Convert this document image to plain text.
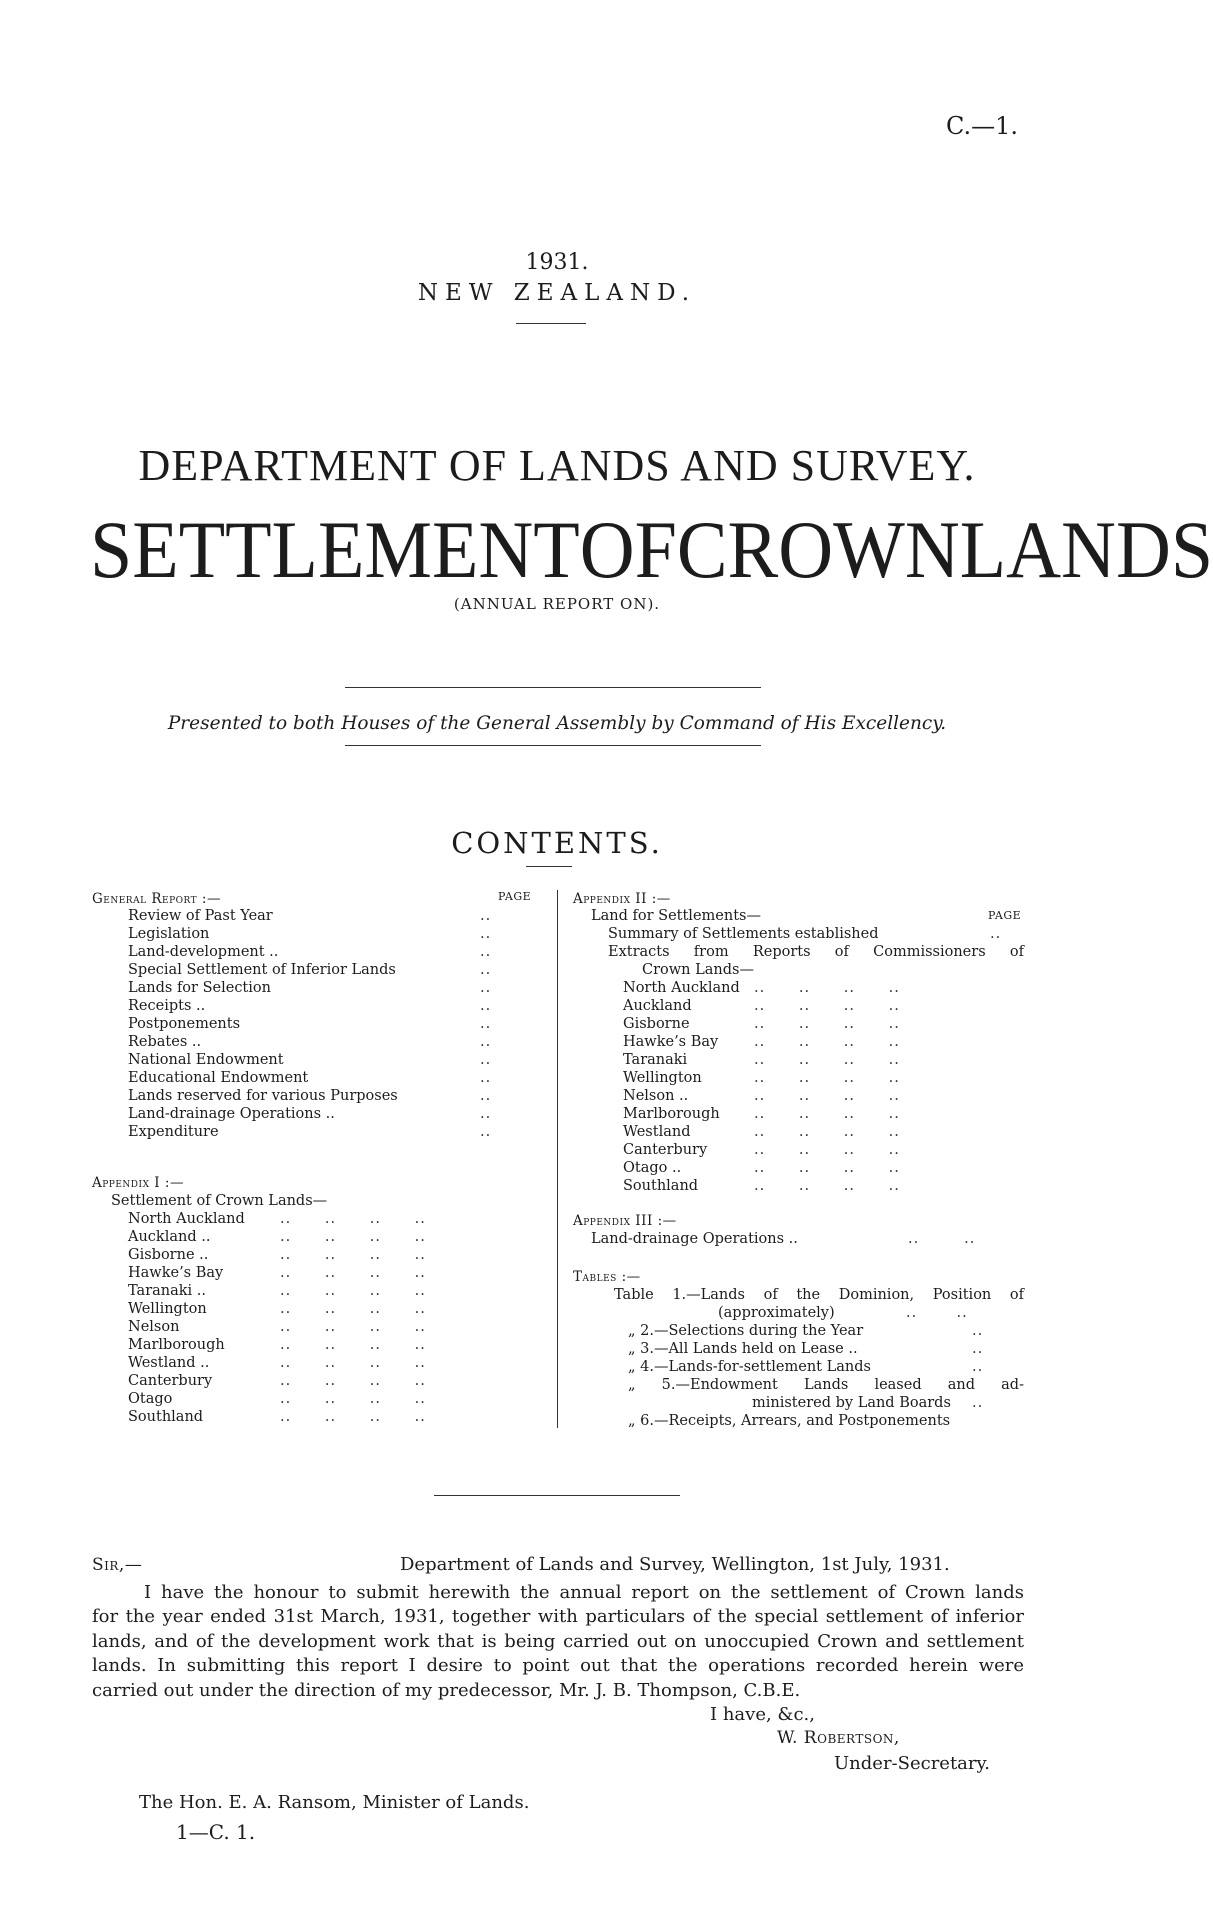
C.—1.
1931.
NEW ZEALAND.
DEPARTMENT OF LANDS AND SURVEY.
SETTLEMENT OF CROWN LANDS
(ANNUAL REPORT ON).
Presented to both Houses of the General Assembly by Command of His Excellency.
CONTENTS.
General Report :—	PAGE
Review of Past Year	..
Legislation	..
Land-development ..	..
Special Settlement of Inferior Lands	..
Lands for Selection	..
Receipts ..	..
Postponements	..
Rebates ..	..
National Endowment	..
Educational Endowment	..
Lands reserved for various Purposes	..
Land-drainage Operations ..	..
Expenditure	..
Appendix I :—
Settlement of Crown Lands—
North Auckland ..      ..      ..      ..
Auckland ..	..      ..      ..      ..
Gisborne ..	..      ..      ..      ..
Hawke’s Bay	..      ..      ..      ..
Taranaki ..	..      ..      ..      ..
Wellington	..      ..      ..      ..
Nelson	..      ..      ..      ..
Marlborough	..      ..      ..      ..
Westland ..	..      ..      ..      ..
Canterbury	..      ..      ..      ..
Otago	..      ..      ..      ..
Southland	..      ..      ..      ..
Appendix II :—
Land for Settlements—	PAGE
Summary of Settlements established	..
Extracts from Reports of Commissioners of
Crown Lands—
North Auckland ..      ..      ..      ..
Auckland	..      ..      ..      ..
Gisborne	..      ..      ..      ..
Hawke’s Bay ..      ..      ..      ..
Taranaki	..      ..      ..      ..
Wellington	..      ..      ..      ..
Nelson ..	..      ..      ..      ..
Marlborough ..      ..      ..      ..
Westland	..      ..      ..      ..
Canterbury	..      ..      ..      ..
Otago ..	..      ..      ..      ..
Southland	..      ..      ..      ..
Appendix III :—
Land-drainage Operations ..	..        ..
Tables :—
Table 1.—Lands of the Dominion, Position of
(approximately)	..       ..
„ 2.—Selections during the Year	..
„ 3.—All Lands held on Lease ..	..
„ 4.—Lands-for-settlement Lands	..
„ 5.—Endowment Lands leased and ad-
ministered by Land Boards ..
„ 6.—Receipts, Arrears, and Postponements
Sir,—	Department of Lands and Survey, Wellington, 1st July, 1931.
I have the honour to submit herewith the annual report on the settlement of Crown lands
for the year ended 31st March, 1931, together with particulars of the special settlement of inferior
lands, and of the development work that is being carried out on unoccupied Crown and settlement
lands. In submitting this report I desire to point out that the operations recorded herein were
carried out under the direction of my predecessor, Mr. J. B. Thompson, C.B.E.
I have, &c.,
W. Robertson,
Under-Secretary.
The Hon. E. A. Ransom, Minister of Lands.
1—C. 1.
